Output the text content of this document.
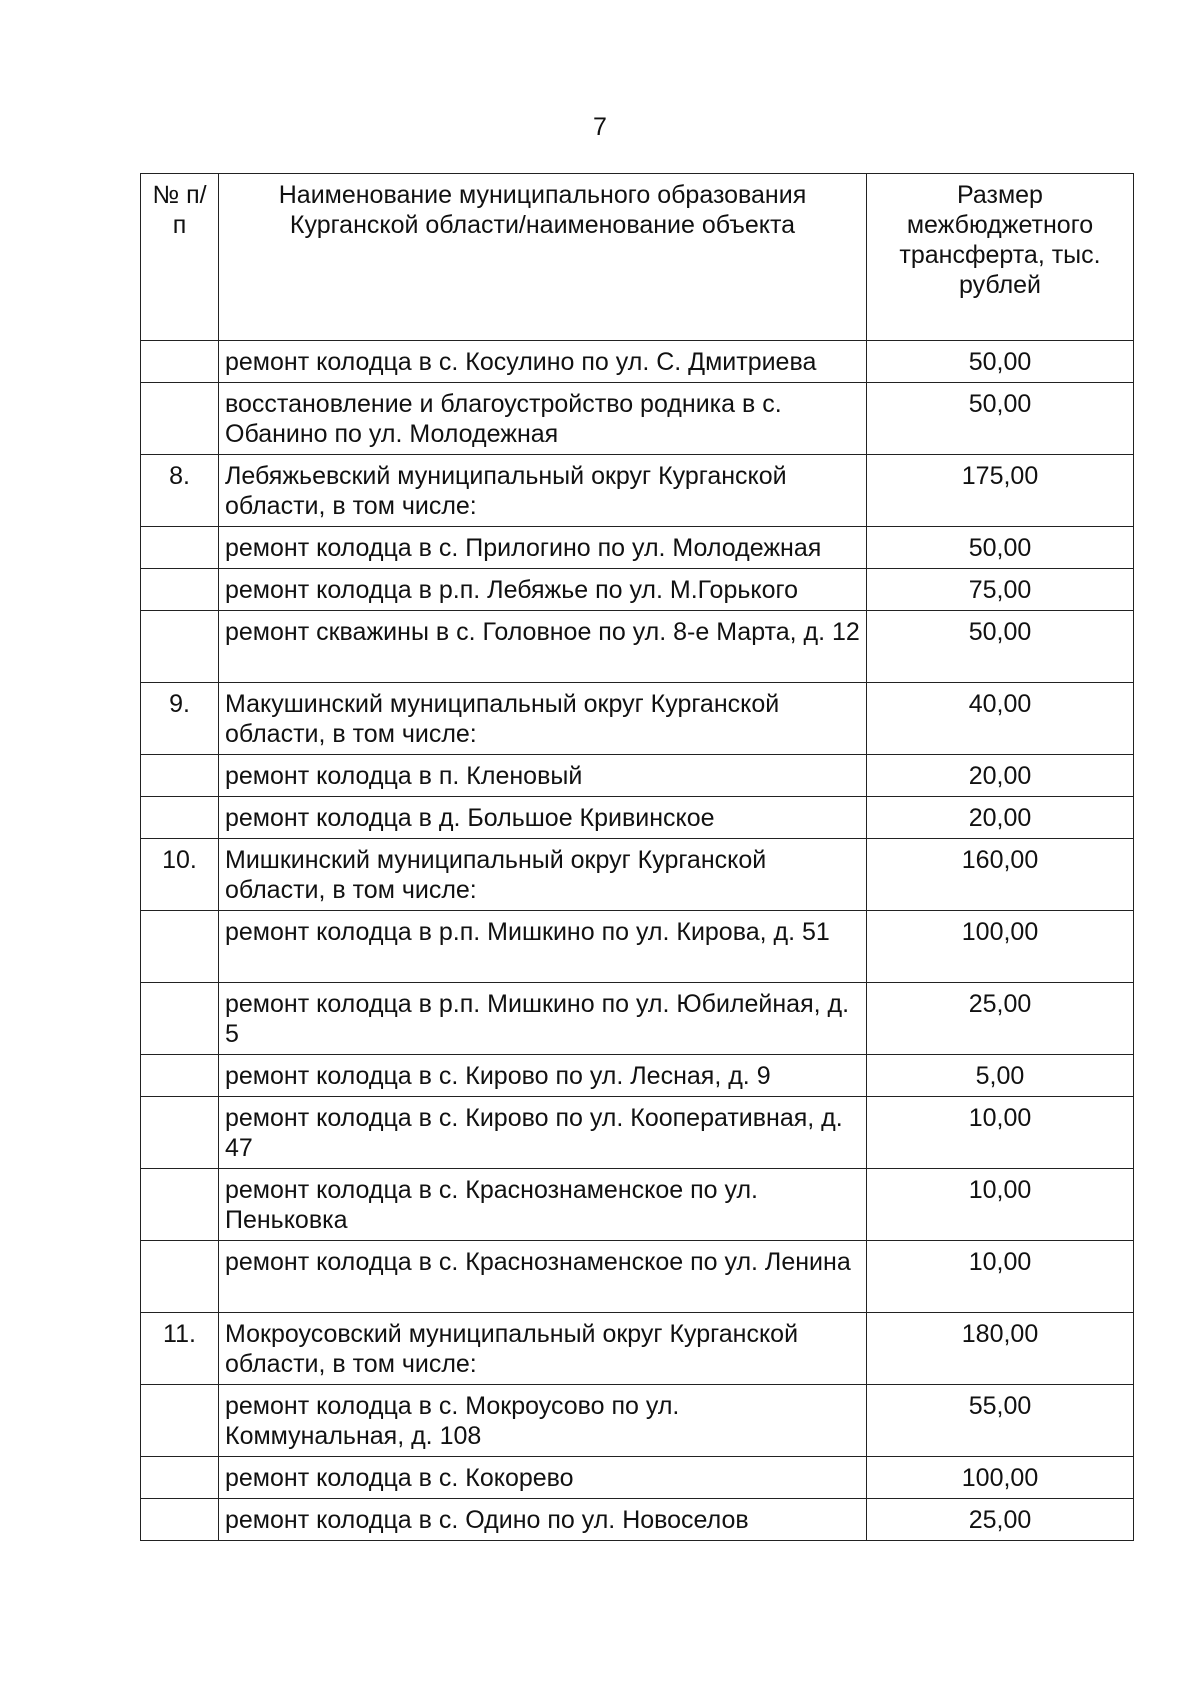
7
№ п/п	Наименование муниципального образования Курганской области/наименование объекта	Размер межбюджетного трансферта, тыс. рублей
	ремонт колодца в с. Косулино по ул. С. Дмитриева	50,00
	восстановление и благоустройство родника в с. Обанино по ул. Молодежная	50,00
8.	Лебяжьевский муниципальный округ Курганской области, в том числе:	175,00
	ремонт колодца в с. Прилогино по ул. Молодежная	50,00
	ремонт колодца в р.п. Лебяжье по ул. М.Горького	75,00
	ремонт скважины в с. Головное по ул. 8-е Марта, д. 12	50,00
9.	Макушинский муниципальный округ Курганской области, в том числе:	40,00
	ремонт колодца в п. Кленовый	20,00
	ремонт колодца в д. Большое Кривинское	20,00
10.	Мишкинский муниципальный округ Курганской области, в том числе:	160,00
	ремонт колодца в р.п. Мишкино по ул. Кирова, д. 51	100,00
	ремонт колодца в р.п. Мишкино по ул. Юбилейная, д. 5	25,00
	ремонт колодца в с. Кирово по ул. Лесная, д. 9	5,00
	ремонт колодца в с. Кирово по ул. Кооперативная, д. 47	10,00
	ремонт колодца в с. Краснознаменское по ул. Пеньковка	10,00
	ремонт колодца в с. Краснознаменское по ул. Ленина	10,00
11.	Мокроусовский муниципальный округ Курганской области, в том числе:	180,00
	ремонт колодца в с. Мокроусово по ул. Коммунальная, д. 108	55,00
	ремонт колодца в с. Кокорево	100,00
	ремонт колодца в с. Одино по ул. Новоселов	25,00
